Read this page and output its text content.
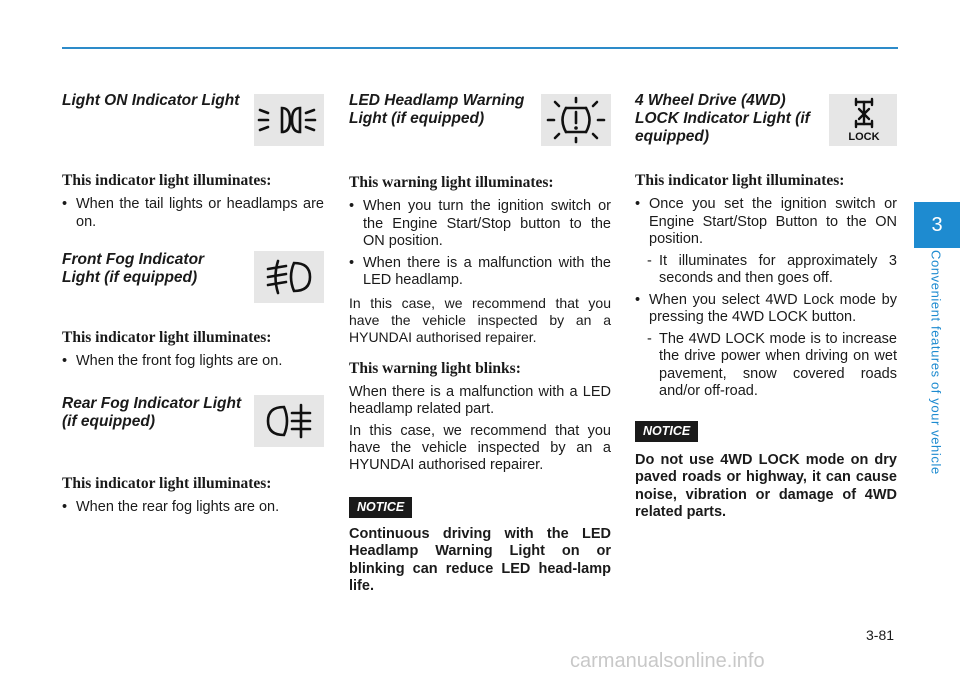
Light ON Indicator Light

This indicator light illuminates:

• When the tail lights or headlamps are on.

Front Fog Indicator Light (if equipped)

This indicator light illuminates:

• When the front fog lights are on.

Rear Fog Indicator Light (if equipped)

This indicator light illuminates:

• When the rear fog lights are on.

LED Headlamp Warning Light (if equipped)

This warning light illuminates:

• When you turn the ignition switch or the Engine Start/Stop button to the ON position.

• When there is a malfunction with the LED headlamp.

In this case, we recommend that you have the vehicle inspected by an a HYUNDAI authorised repairer.

This warning light blinks:

When there is a malfunction with a LED headlamp related part.

In this case, we recommend that you have the vehicle inspected by an a HYUNDAI authorised repairer.

NOTICE

Continuous driving with the LED Headlamp Warning Light on or blinking can reduce LED head-lamp life.

4 Wheel Drive (4WD) LOCK Indicator Light (if equipped)	LOCK

This indicator light illuminates:

• Once you set the ignition switch or Engine Start/Stop Button to the ON position.

- It illuminates for approximately 3 seconds and then goes off.

• When you select 4WD Lock mode by pressing the 4WD LOCK button.

- The 4WD LOCK mode is to increase the drive power when driving on wet pavement, snow covered roads and/or off-road.

NOTICE

Do not use 4WD LOCK mode on dry paved roads or highway, it can cause noise, vibration or damage of 4WD related parts.

3
Convenient features of your vehicle
3-81
carmanualsonline.info
